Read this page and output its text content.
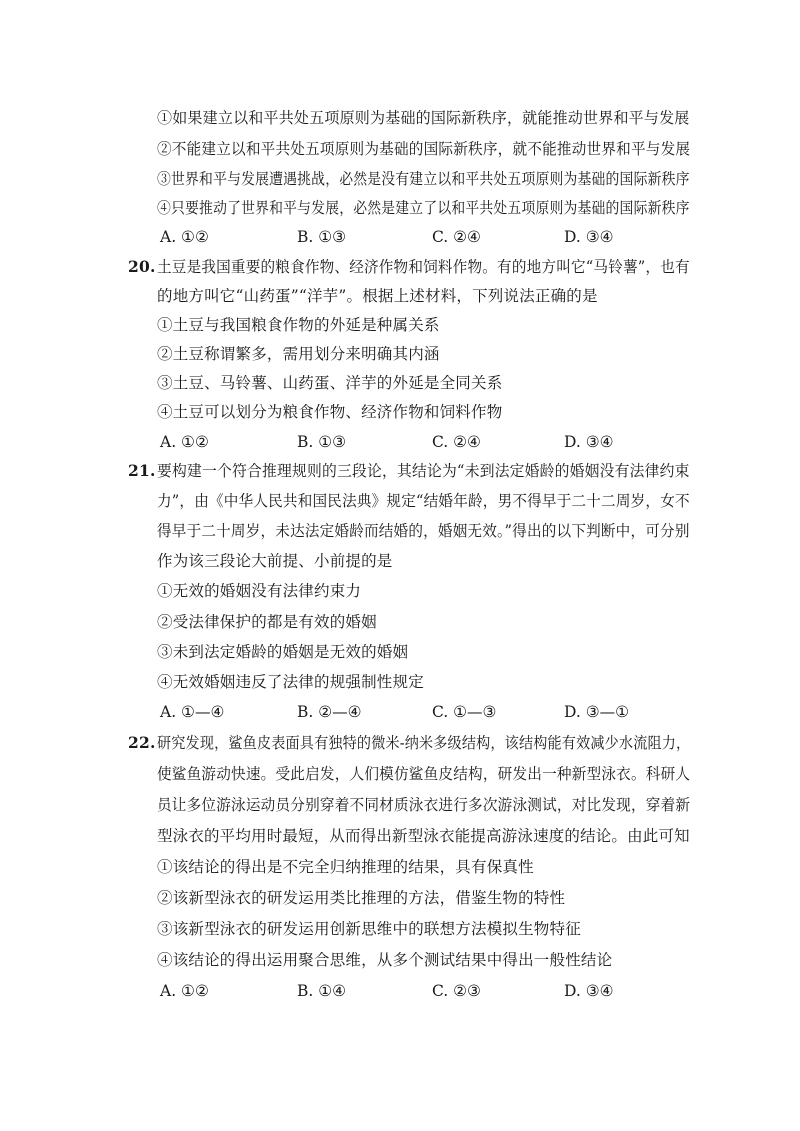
①如果建立以和平共处五项原则为基础的国际新秩序，就能推动世界和平与发展
②不能建立以和平共处五项原则为基础的国际新秩序，就不能推动世界和平与发展
③世界和平与发展遭遇挑战，必然是没有建立以和平共处五项原则为基础的国际新秩序
④只要推动了世界和平与发展，必然是建立了以和平共处五项原则为基础的国际新秩序
A. ①②	B. ①③	C. ②④	D. ③④
20. 土豆是我国重要的粮食作物、经济作物和饲料作物。有的地方叫它“马铃薯”，也有
的地方叫它“山药蛋”“洋芋”。根据上述材料，下列说法正确的是
①土豆与我国粮食作物的外延是种属关系
②土豆称谓繁多，需用划分来明确其内涵
③土豆、马铃薯、山药蛋、洋芋的外延是全同关系
④土豆可以划分为粮食作物、经济作物和饲料作物
A. ①②	B. ①③	C. ②④	D. ③④
21. 要构建一个符合推理规则的三段论，其结论为“未到法定婚龄的婚姻没有法律约束
力”，由《中华人民共和国民法典》规定“结婚年龄，男不得早于二十二周岁，女不
得早于二十周岁，未达法定婚龄而结婚的，婚姻无效。”得出的以下判断中，可分别
作为该三段论大前提、小前提的是
①无效的婚姻没有法律约束力
②受法律保护的都是有效的婚姻
③未到法定婚龄的婚姻是无效的婚姻
④无效婚姻违反了法律的规强制性规定
A. ①—④	B. ②—④	C. ①—③	D. ③—①
22. 研究发现，鲨鱼皮表面具有独特的微米-纳米多级结构，该结构能有效减少水流阻力，
使鲨鱼游动快速。受此启发，人们模仿鲨鱼皮结构，研发出一种新型泳衣。科研人
员让多位游泳运动员分别穿着不同材质泳衣进行多次游泳测试，对比发现，穿着新
型泳衣的平均用时最短，从而得出新型泳衣能提高游泳速度的结论。由此可知
①该结论的得出是不完全归纳推理的结果，具有保真性
②该新型泳衣的研发运用类比推理的方法，借鉴生物的特性
③该新型泳衣的研发运用创新思维中的联想方法模拟生物特征
④该结论的得出运用聚合思维，从多个测试结果中得出一般性结论
A. ①②	B. ①④	C. ②③	D. ③④
